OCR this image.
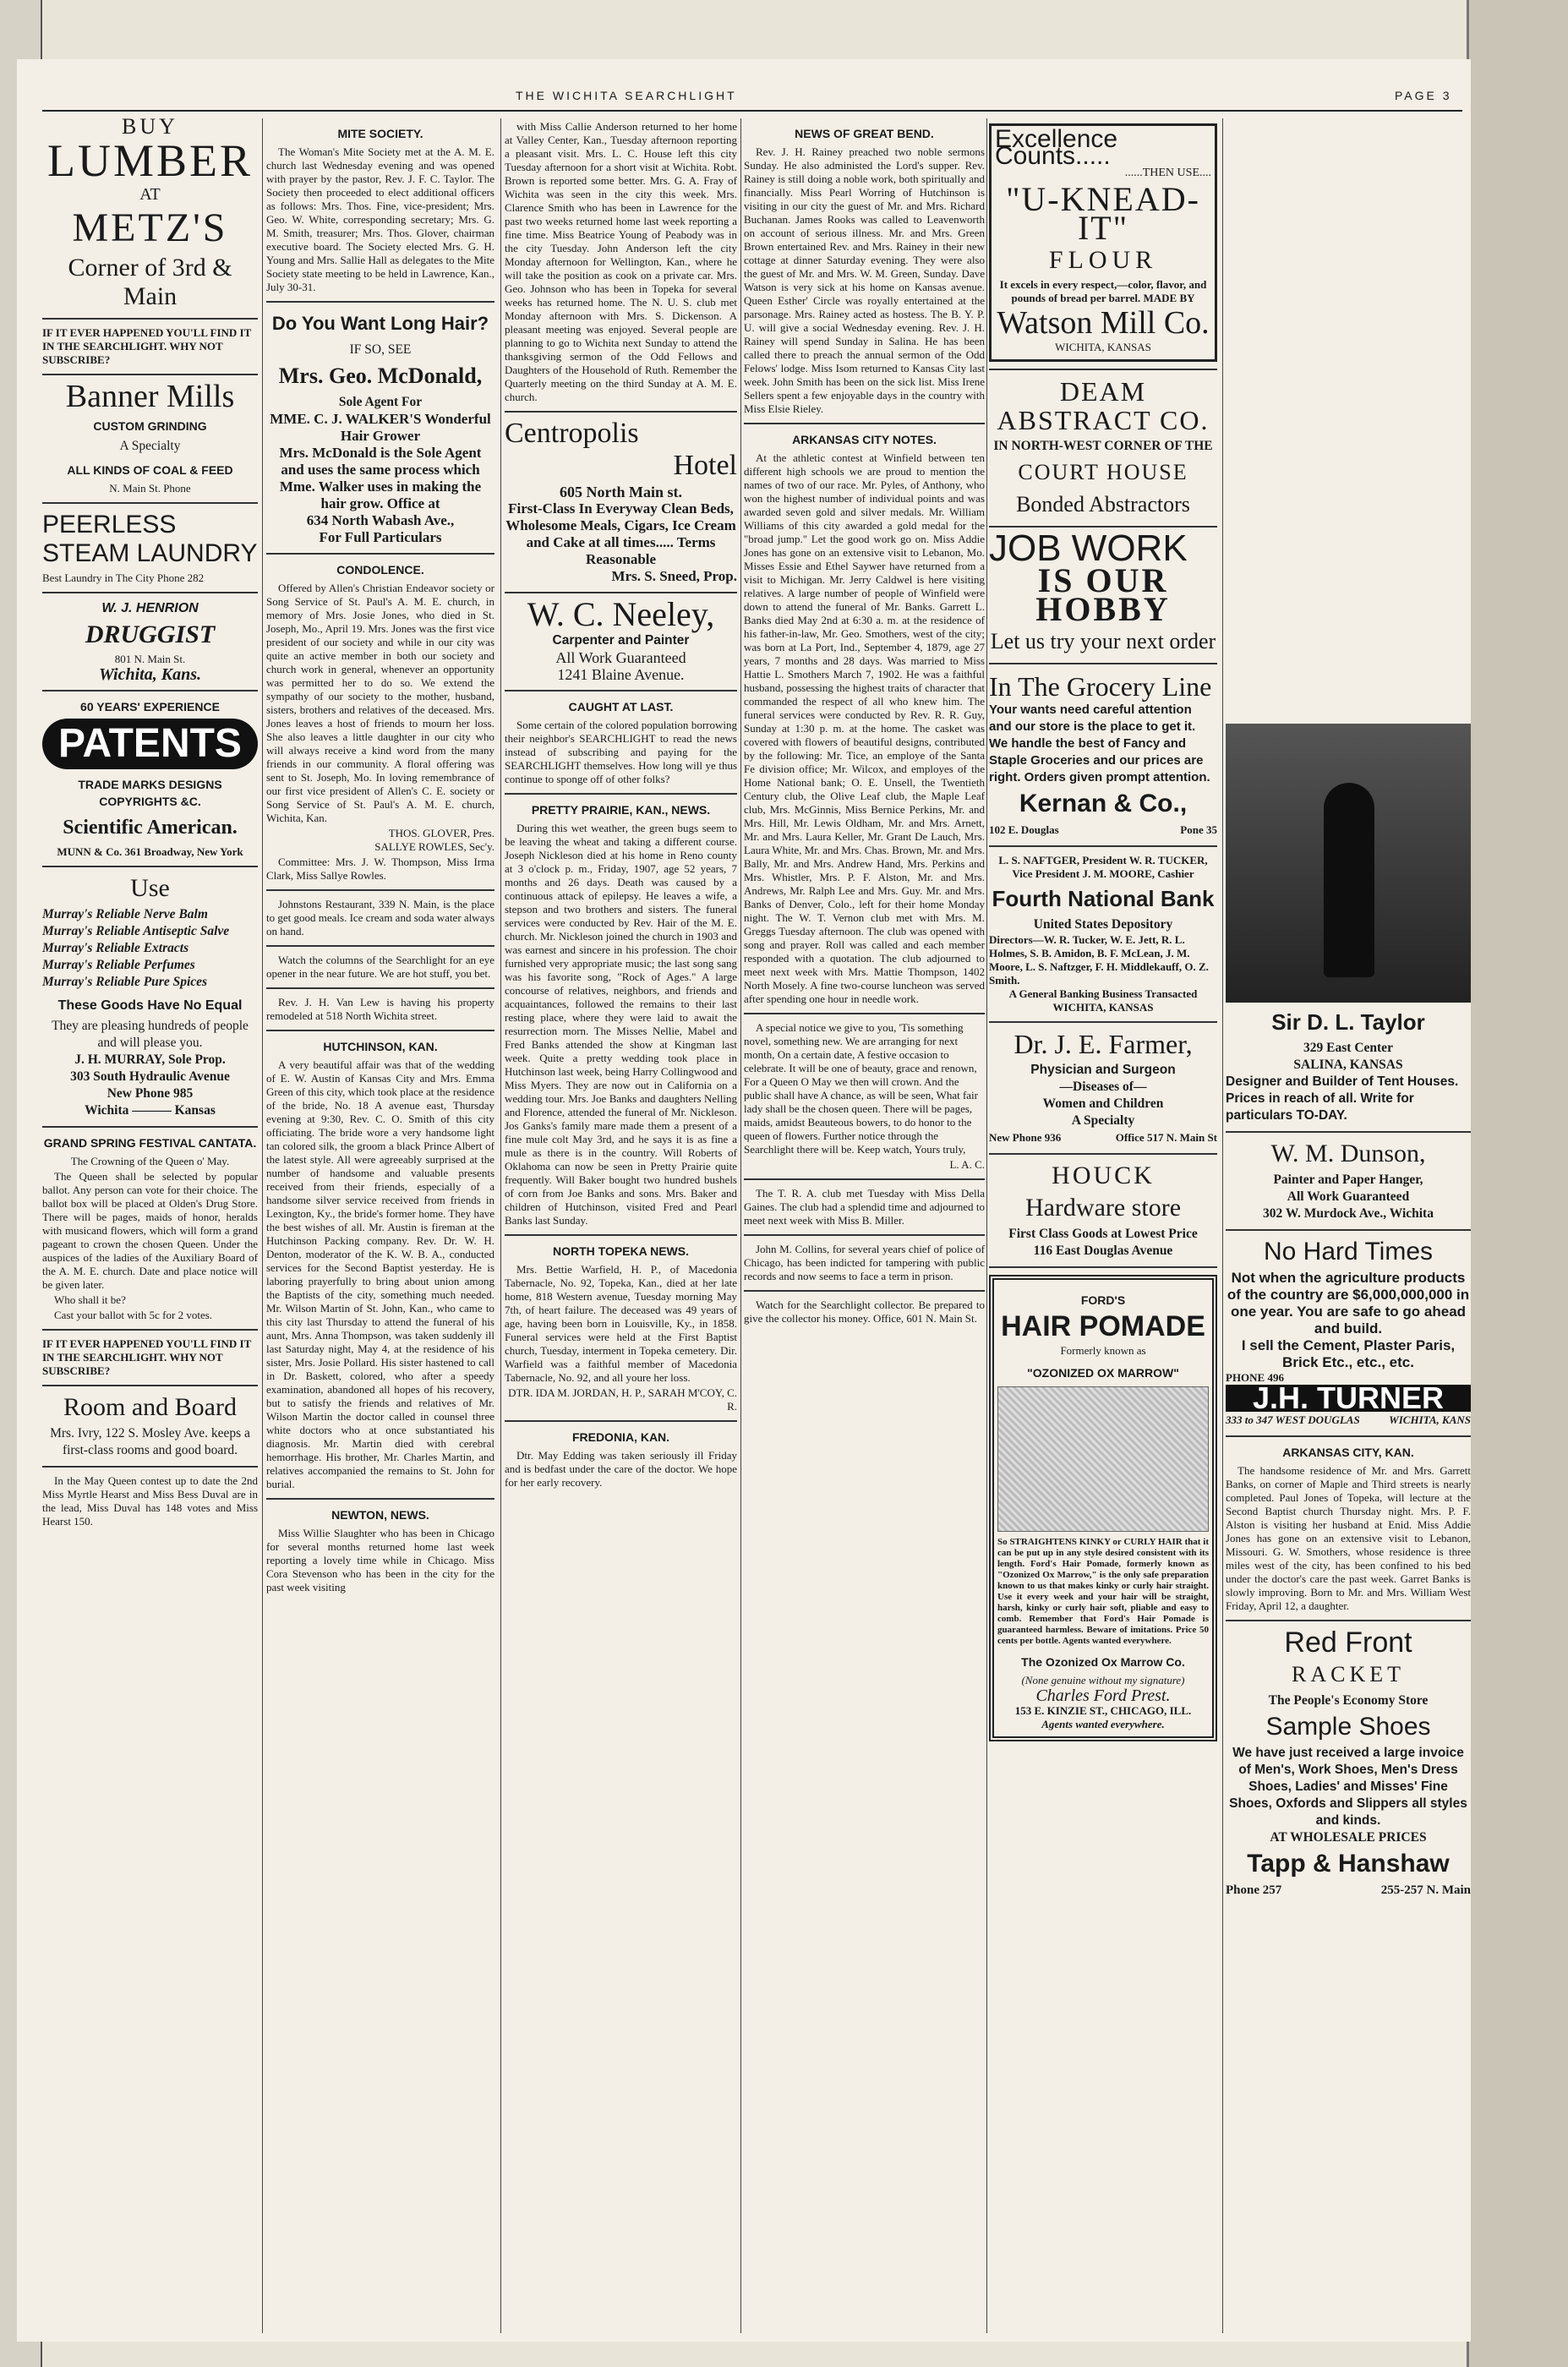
THE WICHITA SEARCHLIGHT	PAGE 3
BUY
LUMBER
AT
METZ'S
Corner of 3rd & Main
IF IT EVER HAPPENED YOU'LL FIND IT IN THE SEARCHLIGHT. WHY NOT SUBSCRIBE?
Banner Mills
CUSTOM GRINDING
A Specialty
ALL KINDS OF COAL & FEED
N. Main St. Phone
PEERLESS STEAM LAUNDRY
Best Laundry in The City Phone 282
W. J. HENRION
DRUGGIST
801 N. Main St.
Wichita, Kans.
60 YEARS' EXPERIENCE
PATENTS
TRADE MARKS DESIGNS COPYRIGHTS &C.
Scientific American.
MUNN & Co. 361 Broadway, New York
Use
Murray's Reliable Nerve Balm
Murray's Reliable Antiseptic Salve
Murray's Reliable Extracts
Murray's Reliable Perfumes
Murray's Reliable Pure Spices
These Goods Have No Equal
They are pleasing hundreds of people and will please you.
J. H. MURRAY, Sole Prop.
303 South Hydraulic Avenue
New Phone 985
Wichita ——— Kansas
GRAND SPRING FESTIVAL CANTATA.
The Crowning of the Queen o' May.

The Queen shall be selected by popular ballot. Any person can vote for their choice. The ballot box will be placed at Olden's Drug Store. There will be pages, maids of honor, heralds with musicand flowers, which will form a grand pageant to crown the chosen Queen. Under the auspices of the ladies of the Auxiliary Board of the A. M. E. church. Date and place notice will be given later.

Who shall it be?

Cast your ballot with 5c for 2 votes.

IF IT EVER HAPPENED YOU'LL FIND IT IN THE SEARCHLIGHT. WHY NOT SUBSCRIBE?
Room and Board
Mrs. Ivry, 122 S. Mosley Ave. keeps a first-class rooms and good board.

In the May Queen contest up to date the 2nd Miss Myrtle Hearst and Miss Bess Duval are in the lead, Miss Duval has 148 votes and Miss Hearst 150.

MITE SOCIETY.

The Woman's Mite Society met at the A. M. E. church last Wednesday evening and was opened with prayer by the pastor, Rev. J. F. C. Taylor. The Society then proceeded to elect additional officers as follows: Mrs. Thos. Fine, vice-president; Mrs. Geo. W. White, corresponding secretary; Mrs. G. M. Smith, treasurer; Mrs. Thos. Glover, chairman executive board. The Society elected Mrs. G. H. Young and Mrs. Sallie Hall as delegates to the Mite Society state meeting to be held in Lawrence, Kan., July 30-31.

Do You Want Long Hair?
IF SO, SEE
Mrs. Geo. McDonald,
Sole Agent For
MME. C. J. WALKER'S Wonderful Hair Grower
Mrs. McDonald is the Sole Agent and uses the same process which Mme. Walker uses in making the hair grow. Office at
634 North Wabash Ave.,
For Full Particulars
CONDOLENCE.

Offered by Allen's Christian Endeavor society or Song Service of St. Paul's A. M. E. church, in memory of Mrs. Josie Jones, who died in St. Joseph, Mo., April 19. Mrs. Jones was the first vice president of our society and while in our city was quite an active member in both our society and church work in general, whenever an opportunity was permitted her to do so. We extend the sympathy of our society to the mother, husband, sisters, brothers and relatives of the deceased. Mrs. Jones leaves a host of friends to mourn her loss. She also leaves a little daughter in our city who will always receive a kind word from the many friends in our community. A floral offering was sent to St. Joseph, Mo. In loving remembrance of our first vice president of Allen's C. E. society or Song Service of St. Paul's A. M. E. church, Wichita, Kan.

THOS. GLOVER, Pres.
SALLYE ROWLES, Sec'y.

Committee: Mrs. J. W. Thompson, Miss Irma Clark, Miss Sallye Rowles.

Johnstons Restaurant, 339 N. Main, is the place to get good meals. Ice cream and soda water always on hand.

Watch the columns of the Searchlight for an eye opener in the near future. We are hot stuff, you bet.

Rev. J. H. Van Lew is having his property remodeled at 518 North Wichita street.

HUTCHINSON, KAN.

A very beautiful affair was that of the wedding of E. W. Austin of Kansas City and Mrs. Emma Green of this city, which took place at the residence of the bride, No. 18 A avenue east, Thursday evening at 9:30, Rev. C. O. Smith of this city officiating. The bride wore a very handsome light tan colored silk, the groom a black Prince Albert of the latest style. All were agreeably surprised at the number of handsome and valuable presents received from their friends, especially of a handsome silver service received from friends in Lexington, Ky., the bride's former home. They have the best wishes of all. Mr. Austin is fireman at the Hutchinson Packing company. Rev. Dr. W. H. Denton, moderator of the K. W. B. A., conducted services for the Second Baptist yesterday. He is laboring prayerfully to bring about union among the Baptists of the city, something much needed. Mr. Wilson Martin of St. John, Kan., who came to this city last Thursday to attend the funeral of his aunt, Mrs. Anna Thompson, was taken suddenly ill last Saturday night, May 4, at the residence of his sister, Mrs. Josie Pollard. His sister hastened to call in Dr. Baskett, colored, who after a speedy examination, abandoned all hopes of his recovery, but to satisfy the friends and relatives of Mr. Wilson Martin the doctor called in counsel three white doctors who at once substantiated his diagnosis. Mr. Martin died with cerebral hemorrhage. His brother, Mr. Charles Martin, and relatives accompanied the remains to St. John for burial.

NEWTON, NEWS.

Miss Willie Slaughter who has been in Chicago for several months returned home last week reporting a lovely time while in Chicago. Miss Cora Stevenson who has been in the city for the past week visiting

with Miss Callie Anderson returned to her home at Valley Center, Kan., Tuesday afternoon reporting a pleasant visit. Mrs. L. C. House left this city Tuesday afternoon for a short visit at Wichita. Robt. Brown is reported some better. Mrs. G. A. Fray of Wichita was seen in the city this week. Mrs. Clarence Smith who has been in Lawrence for the past two weeks returned home last week reporting a fine time. Miss Beatrice Young of Peabody was in the city Tuesday. John Anderson left the city Monday afternoon for Wellington, Kan., where he will take the position as cook on a private car. Mrs. Geo. Johnson who has been in Topeka for several weeks has returned home. The N. U. S. club met Monday afternoon with Mrs. S. Dickenson. A pleasant meeting was enjoyed. Several people are planning to go to Wichita next Sunday to attend the thanksgiving sermon of the Odd Fellows and Daughters of the Household of Ruth. Remember the Quarterly meeting on the third Sunday at A. M. E. church.

Centropolis
Hotel
605 North Main st.
First-Class In Everyway Clean Beds, Wholesome Meals, Cigars, Ice Cream and Cake at all times..... Terms Reasonable
Mrs. S. Sneed, Prop.
W. C. Neeley,
Carpenter and Painter
All Work Guaranteed
1241 Blaine Avenue.
CAUGHT AT LAST.

Some certain of the colored population borrowing their neighbor's SEARCHLIGHT to read the news instead of subscribing and paying for the SEARCHLIGHT themselves. How long will ye thus continue to sponge off of other folks?

PRETTY PRAIRIE, KAN., NEWS.

During this wet weather, the green bugs seem to be leaving the wheat and taking a different course. Joseph Nickleson died at his home in Reno county at 3 o'clock p. m., Friday, 1907, age 52 years, 7 months and 26 days. Death was caused by a continuous attack of epilepsy. He leaves a wife, a stepson and two brothers and sisters. The funeral services were conducted by Rev. Hair of the M. E. church. Mr. Nickleson joined the church in 1903 and was earnest and sincere in his profession. The choir furnished very appropriate music; the last song sang was his favorite song, "Rock of Ages." A large concourse of relatives, neighbors, and friends and acquaintances, followed the remains to their last resting place, where they were laid to await the resurrection morn. The Misses Nellie, Mabel and Fred Banks attended the show at Kingman last week. Quite a pretty wedding took place in Hutchinson last week, being Harry Collingwood and Miss Myers. They are now out in California on a wedding tour. Mrs. Joe Banks and daughters Nelling and Florence, attended the funeral of Mr. Nickleson. Jos Ganks's family mare made them a present of a fine mule colt May 3rd, and he says it is as fine a mule as there is in the country. Will Roberts of Oklahoma can now be seen in Pretty Prairie quite frequently. Will Baker bought two hundred bushels of corn from Joe Banks and sons. Mrs. Baker and children of Hutchinson, visited Fred and Pearl Banks last Sunday.

NORTH TOPEKA NEWS.

Mrs. Bettie Warfield, H. P., of Macedonia Tabernacle, No. 92, Topeka, Kan., died at her late home, 818 Western avenue, Tuesday morning May 7th, of heart failure. The deceased was 49 years of age, having been born in Louisville, Ky., in 1858. Funeral services were held at the First Baptist church, Tuesday, interment in Topeka cemetery. Dir. Warfield was a faithful member of Macedonia Tabernacle, No. 92, and all youre her loss.

DTR. IDA M. JORDAN, H. P., SARAH M'COY, C. R.
FREDONIA, KAN.

Dtr. May Edding was taken seriously ill Friday and is bedfast under the care of the doctor. We hope for her early recovery.

NEWS OF GREAT BEND.

Rev. J. H. Rainey preached two noble sermons Sunday. He also administed the Lord's supper. Rev. Rainey is still doing a noble work, both spiritually and financially. Miss Pearl Worring of Hutchinson is visiting in our city the guest of Mr. and Mrs. Richard Buchanan. James Rooks was called to Leavenworth on account of serious illness. Mr. and Mrs. Green Brown entertained Rev. and Mrs. Rainey in their new cottage at dinner Saturday evening. They were also the guest of Mr. and Mrs. W. M. Green, Sunday. Dave Watson is very sick at his home on Kansas avenue. Queen Esther' Circle was royally entertained at the parsonage. Mrs. Rainey acted as hostess. The B. Y. P. U. will give a social Wednesday evening. Rev. J. H. Rainey will spend Sunday in Salina. He has been called there to preach the annual sermon of the Odd Felows' lodge. Miss Isom returned to Kansas City last week. John Smith has been on the sick list. Miss Irene Sellers spent a few enjoyable days in the country with Miss Elsie Rieley.

ARKANSAS CITY NOTES.

At the athletic contest at Winfield between ten different high schools we are proud to mention the names of two of our race. Mr. Pyles, of Anthony, who won the highest number of individual points and was awarded seven gold and silver medals. Mr. William Williams of this city awarded a gold medal for the "broad jump." Let the good work go on. Miss Addie Jones has gone on an extensive visit to Lebanon, Mo. Misses Essie and Ethel Saywer have returned from a visit to Michigan. Mr. Jerry Caldwel is here visiting relatives. A large number of people of Winfield were down to attend the funeral of Mr. Banks. Garrett L. Banks died May 2nd at 6:30 a. m. at the residence of his father-in-law, Mr. Geo. Smothers, west of the city; was born at La Port, Ind., September 4, 1879, age 27 years, 7 months and 28 days. Was married to Miss Hattie L. Smothers March 7, 1902. He was a faithful husband, possessing the highest traits of character that commanded the respect of all who knew him. The funeral services were conducted by Rev. R. R. Guy, Sunday at 1:30 p. m. at the home. The casket was covered with flowers of beautiful designs, contributed by the following: Mr. Tice, an employe of the Santa Fe division office; Mr. Wilcox, and employes of the Home National bank; O. E. Unsell, the Twentieth Century club, the Olive Leaf club, the Maple Leaf club, Mrs. McGinnis, Miss Bernice Perkins, Mr. and Mrs. Hill, Mr. Lewis Oldham, Mr. and Mrs. Arnett, Mr. and Mrs. Laura Keller, Mr. Grant De Lauch, Mrs. Laura White, Mr. and Mrs. Chas. Brown, Mr. and Mrs. Bally, Mr. and Mrs. Andrew Hand, Mrs. Perkins and Mrs. Whistler, Mrs. P. F. Alston, Mr. and Mrs. Andrews, Mr. Ralph Lee and Mrs. Guy. Mr. and Mrs. Banks of Denver, Colo., left for their home Monday night. The W. T. Vernon club met with Mrs. M. Greggs Tuesday afternoon. The club was opened with song and prayer. Roll was called and each member responded with a quotation. The club adjourned to meet next week with Mrs. Mattie Thompson, 1402 North Mosely. A fine two-course luncheon was served after spending one hour in needle work.

A special notice we give to you, 'Tis something novel, something new. We are arranging for next month, On a certain date, A festive occasion to celebrate. It will be one of beauty, grace and renown, For a Queen O May we then will crown. And the public shall have A chance, as will be seen, What fair lady shall be the chosen queen. There will be pages, maids, amidst Beauteous bowers, to do honor to the queen of flowers. Further notice through the Searchlight there will be. Keep watch, Yours truly,

L. A. C.

The T. R. A. club met Tuesday with Miss Della Gaines. The club had a splendid time and adjourned to meet next week with Miss B. Miller.

John M. Collins, for several years chief of police of Chicago, has been indicted for tampering with public records and now seems to face a term in prison.

Watch for the Searchlight collector. Be prepared to give the collector his money. Office, 601 N. Main St.

Excellence Counts.....
......THEN USE....
"U-KNEAD-IT"
FLOUR
It excels in every respect,—color, flavor, and pounds of bread per barrel. MADE BY
Watson Mill Co.
WICHITA, KANSAS
DEAM ABSTRACT CO.
IN NORTH-WEST CORNER OF THE
COURT HOUSE
Bonded Abstractors
JOB WORK
IS OUR HOBBY
Let us try your next order
In The Grocery Line
Your wants need careful attention and our store is the place to get it. We handle the best of Fancy and Staple Groceries and our prices are right. Orders given prompt attention.
Kernan & Co.,
102 E. Douglas	Pone 35
L. S. NAFTGER, President W. R. TUCKER, Vice President J. M. MOORE, Cashier
Fourth National Bank
United States Depository
Directors—W. R. Tucker, W. E. Jett, R. L. Holmes, S. B. Amidon, B. F. McLean, J. M. Moore, L. S. Naftzger, F. H. Middlekauff, O. Z. Smith.
A General Banking Business Transacted
WICHITA, KANSAS
Dr. J. E. Farmer,
Physician and Surgeon
—Diseases of—
Women and Children
A Specialty
New Phone 936	Office 517 N. Main St
HOUCK
Hardware store
First Class Goods at Lowest Price
116 East Douglas Avenue
FORD'S
HAIR POMADE
Formerly known as
"OZONIZED OX MARROW"
So STRAIGHTENS KINKY or CURLY HAIR that it can be put up in any style desired consistent with its length. Ford's Hair Pomade, formerly known as "Ozonized Ox Marrow," is the only safe preparation known to us that makes kinky or curly hair straight. Use it every week and your hair will be straight, harsh, kinky or curly hair soft, pliable and easy to comb. Remember that Ford's Hair Pomade is guaranteed harmless. Beware of imitations. Price 50 cents per bottle. Agents wanted everywhere.
The Ozonized Ox Marrow Co.
(None genuine without my signature)
Charles Ford Prest.
153 E. KINZIE ST., CHICAGO, ILL.
Agents wanted everywhere.
Sir D. L. Taylor
329 East Center
SALINA, KANSAS
Designer and Builder of Tent Houses. Prices in reach of all. Write for particulars TO-DAY.
W. M. Dunson,
Painter and Paper Hanger,
All Work Guaranteed
302 W. Murdock Ave., Wichita
No Hard Times
Not when the agriculture products of the country are $6,000,000,000 in one year. You are safe to go ahead and build.
I sell the Cement, Plaster Paris, Brick Etc., etc., etc.
PHONE 496
J.H. TURNER
333 to 347 WEST DOUGLAS	WICHITA, KANS
ARKANSAS CITY, KAN.

The handsome residence of Mr. and Mrs. Garrett Banks, on corner of Maple and Third streets is nearly completed. Paul Jones of Topeka, will lecture at the Second Baptist church Thursday night. Mrs. P. F. Alston is visiting her husband at Enid. Miss Addie Jones has gone on an extensive visit to Lebanon, Missouri. G. W. Smothers, whose residence is three miles west of the city, has been confined to his bed under the doctor's care the past week. Garret Banks is slowly improving. Born to Mr. and Mrs. William West Friday, April 12, a daughter.

Red Front
RACKET
The People's Economy Store
Sample Shoes
We have just received a large invoice of Men's, Work Shoes, Men's Dress Shoes, Ladies' and Misses' Fine Shoes, Oxfords and Slippers all styles and kinds.
AT WHOLESALE PRICES
Tapp & Hanshaw
Phone 257	255-257 N. Main
